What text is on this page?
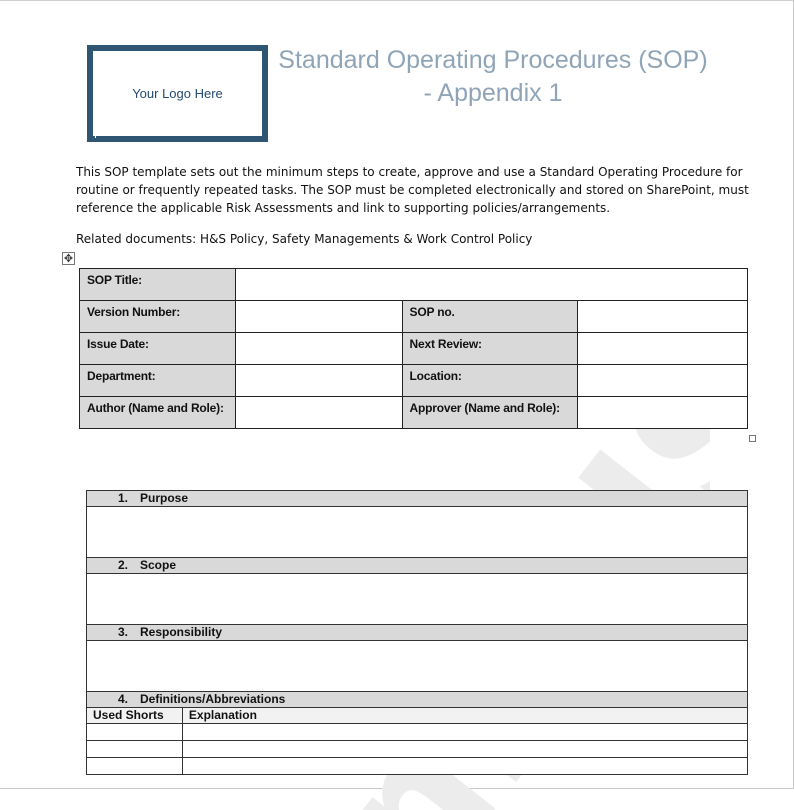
Your Logo Here
Standard Operating Procedures (SOP)
- Appendix 1
This SOP template sets out the minimum steps to create, approve and use a Standard Operating Procedure for routine or frequently repeated tasks. The SOP must be completed electronically and stored on SharePoint, must reference the applicable Risk Assessments and link to supporting policies/arrangements.
Related documents: H&S Policy, Safety Managements & Work Control Policy
✥
SOP Title:			
Version Number:		SOP no.	
Issue Date:		Next Review:	
Department:		Location:	
Author (Name and Role):		Approver (Name and Role):	
1. Purpose	

2. Scope	

3. Responsibility	

4. Definitions/Abbreviations	
Used Shorts	Explanation
